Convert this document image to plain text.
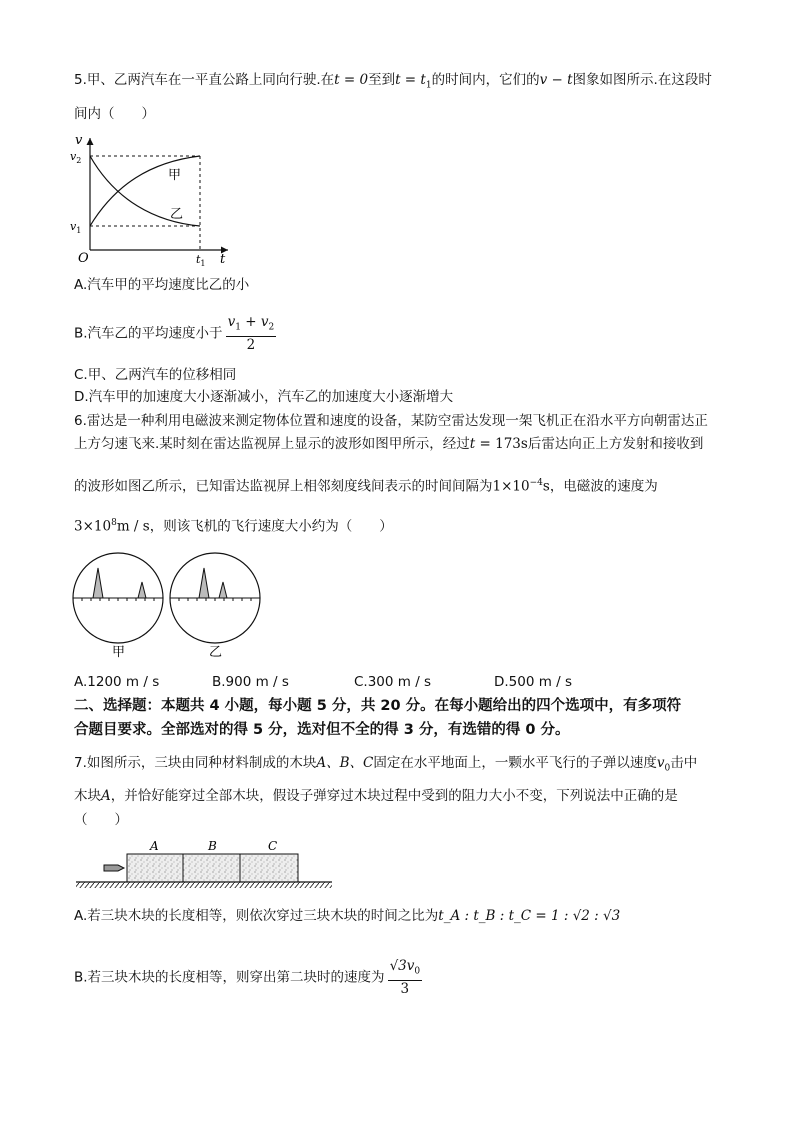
5.甲、乙两汽车在一平直公路上同向行驶.在t = 0至到$t = t_1$的时间内，它们的v − t图象如图所示.在这段时
间内（　　）
v
t
O
$v_2$
$v_1$
$t_1$
甲
乙
A.汽车甲的平均速度比乙的小
B.汽车乙的平均速度小于 $\frac{v_1 + v_2}{2}$
C.甲、乙两汽车的位移相同
D.汽车甲的加速度大小逐渐减小，汽车乙的加速度大小逐渐增大
6.雷达是一种利用电磁波来测定物体位置和速度的设备，某防空雷达发现一架飞机正在沿水平方向朝雷达正
上方匀速飞来.某时刻在雷达监视屏上显示的波形如图甲所示，经过t = 173s后雷达向正上方发射和接收到
的波形如图乙所示，已知雷达监视屏上相邻刻度线间表示的时间间隔为$1\times 10^{-4}s$，电磁波的速度为
$3\times 10^8m / s$，则该飞机的飞行速度大小约为（　　）
甲	乙
A.1200 m / s	B.900 m / s	C.300 m / s	D.500 m / s
二、选择题：本题共 4 小题，每小题 5 分，共 20 分。在每小题给出的四个选项中，有多项符
合题目要求。全部选对的得 5 分，选对但不全的得 3 分，有选错的得 0 分。
7.如图所示，三块由同种材料制成的木块A、B、C固定在水平地面上，一颗水平飞行的子弹以速度$v_0$击中
木块A，并恰好能穿过全部木块，假设子弹穿过木块过程中受到的阻力大小不变，下列说法中正确的是
（　　）
A	B	C
A.若三块木块的长度相等，则依次穿过三块木块的时间之比为t_A : t_B : t_C = 1 : √2 : √3
B.若三块木块的长度相等，则穿出第二块时的速度为 $\frac{√3v_0}{3}$
